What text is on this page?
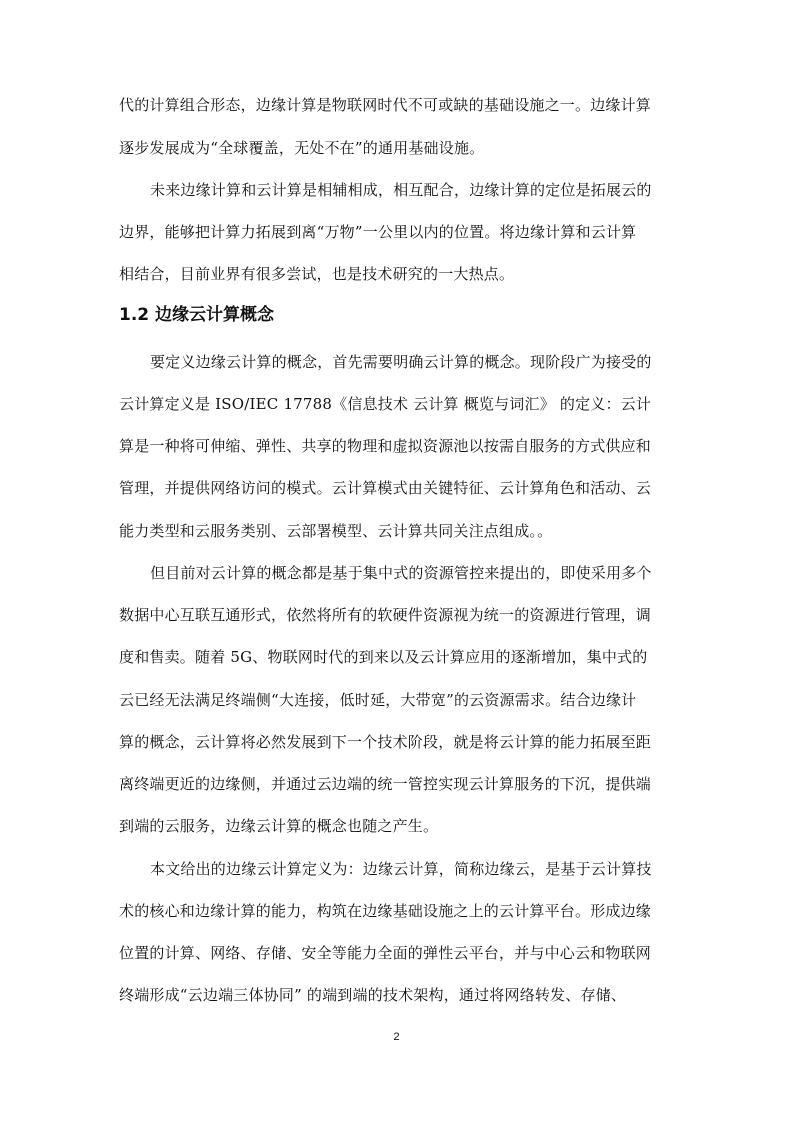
代的计算组合形态，边缘计算是物联网时代不可或缺的基础设施之一。边缘计算
逐步发展成为“全球覆盖，无处不在”的通用基础设施。
未来边缘计算和云计算是相辅相成，相互配合，边缘计算的定位是拓展云的
边界，能够把计算力拓展到离“万物”一公里以内的位置。将边缘计算和云计算
相结合，目前业界有很多尝试，也是技术研究的一大热点。
1.2 边缘云计算概念
要定义边缘云计算的概念，首先需要明确云计算的概念。现阶段广为接受的
云计算定义是 ISO/IEC 17788《信息技术 云计算 概览与词汇》 的定义：云计
算是一种将可伸缩、弹性、共享的物理和虚拟资源池以按需自服务的方式供应和
管理，并提供网络访问的模式。云计算模式由关键特征、云计算角色和活动、云
能力类型和云服务类别、云部署模型、云计算共同关注点组成。。
但目前对云计算的概念都是基于集中式的资源管控来提出的，即使采用多个
数据中心互联互通形式，依然将所有的软硬件资源视为统一的资源进行管理，调
度和售卖。随着 5G、物联网时代的到来以及云计算应用的逐渐增加，集中式的
云已经无法满足终端侧“大连接，低时延，大带宽”的云资源需求。结合边缘计
算的概念，云计算将必然发展到下一个技术阶段，就是将云计算的能力拓展至距
离终端更近的边缘侧，并通过云边端的统一管控实现云计算服务的下沉，提供端
到端的云服务，边缘云计算的概念也随之产生。
本文给出的边缘云计算定义为：边缘云计算，简称边缘云，是基于云计算技
术的核心和边缘计算的能力，构筑在边缘基础设施之上的云计算平台。形成边缘
位置的计算、网络、存储、安全等能力全面的弹性云平台，并与中心云和物联网
终端形成“云边端三体协同” 的端到端的技术架构，通过将网络转发、存储、
2
